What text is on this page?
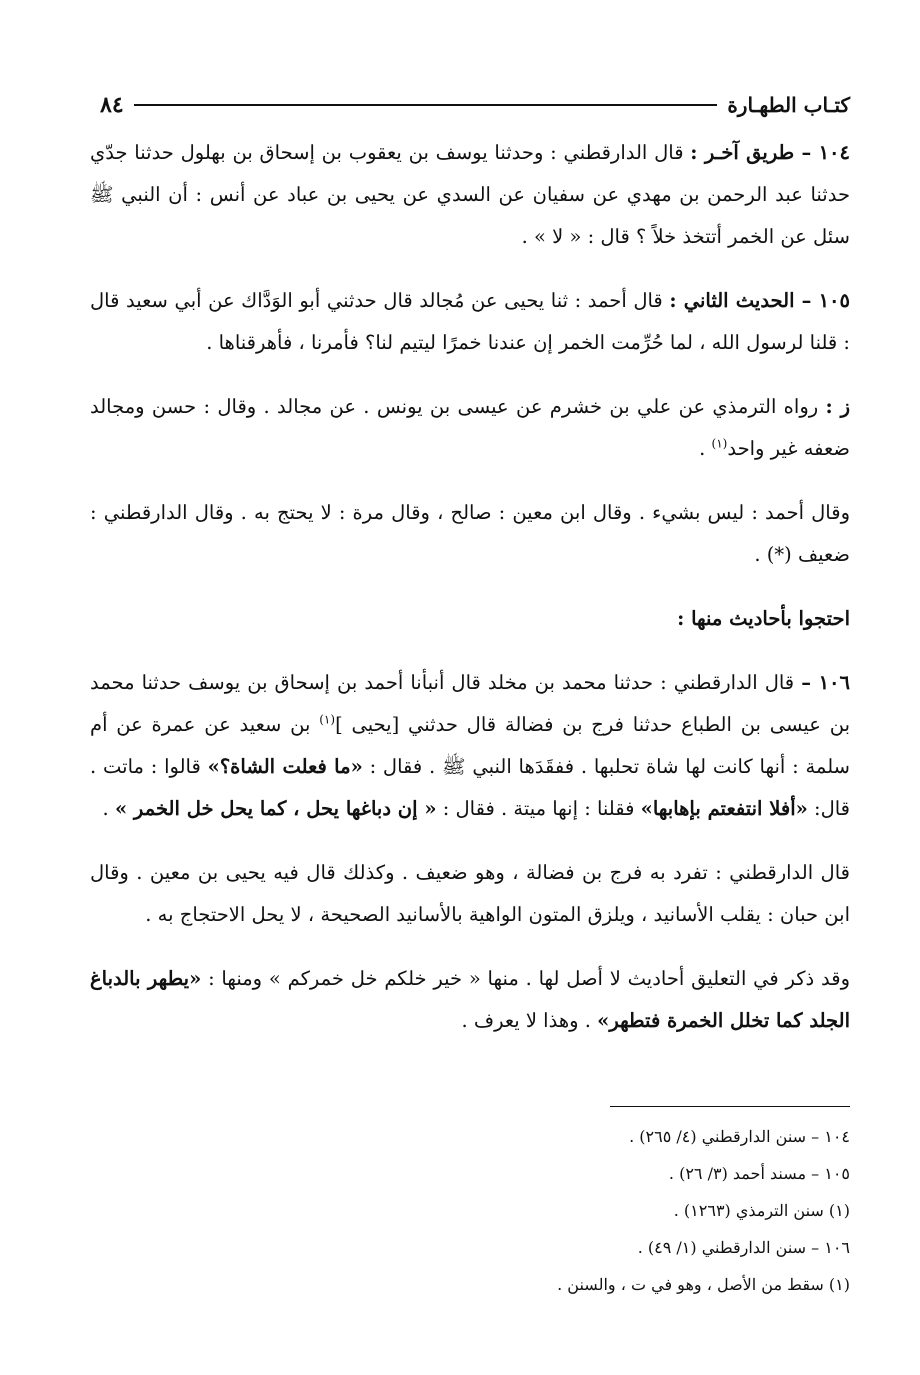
كتـاب الطهـارة
٨٤

١٠٤ – طريق آخـر : قال الدارقطني : وحدثنا يوسف بن يعقوب بن إسحاق بن بهلول حدثنا جدّي حدثنا عبد الرحمن بن مهدي عن سفيان عن السدي عن يحيى بن عباد عن أنس : أن النبي ﷺ سئل عن الخمر أتتخذ خلاً ؟ قال : « لا » .

١٠٥ – الحديث الثاني : قال أحمد : ثنا يحيى عن مُجالد قال حدثني أبو الوَدَّاك عن أبي سعيد قال : قلنا لرسول الله ، لما حُرِّمت الخمر إن عندنا خمرًا ليتيم لنا؟ فأمرنا ، فأهرقناها .

ز : رواه الترمذي عن علي بن خشرم عن عيسى بن يونس . عن مجالد . وقال : حسن ومجالد ضعفه غير واحد$^{(١)}$ .

وقال أحمد : ليس بشيء . وقال ابن معين : صالح ، وقال مرة : لا يحتج به . وقال الدارقطني : ضعيف (*) .

احتجوا بأحاديث منها :

١٠٦ – قال الدارقطني : حدثنا محمد بن مخلد قال أنبأنا أحمد بن إسحاق بن يوسف حدثنا محمد بن عيسى بن الطباع حدثنا فرج بن فضالة قال حدثني [يحيى ]$^{(١)}$ بن سعيد عن عمرة عن أم سلمة : أنها كانت لها شاة تحلبها . ففقَدَها النبي ﷺ . فقال : «ما فعلت الشاة؟» قالوا : ماتت . قال: «أفلا انتفعتم بإهابها» فقلنا : إنها ميتة . فقال : « إن دباغها يحل ، كما يحل خل الخمر » .

قال الدارقطني : تفرد به فرج بن فضالة ، وهو ضعيف . وكذلك قال فيه يحيى بن معين . وقال ابن حبان : يقلب الأسانيد ، ويلزق المتون الواهية بالأسانيد الصحيحة ، لا يحل الاحتجاج به .

وقد ذكر في التعليق أحاديث لا أصل لها . منها « خير خلكم خل خمركم » ومنها : «يطهر بالدباغ الجلد كما تخلل الخمرة فتطهر» . وهذا لا يعرف .

١٠٤ – سنن الدارقطني (٤/ ٢٦٥) .

١٠٥ – مسند أحمد (٣/ ٢٦) .

(١) سنن الترمذي (١٢٦٣) .

١٠٦ – سنن الدارقطني (١/ ٤٩) .

(١) سقط من الأصل ، وهو في ت ، والسنن .
